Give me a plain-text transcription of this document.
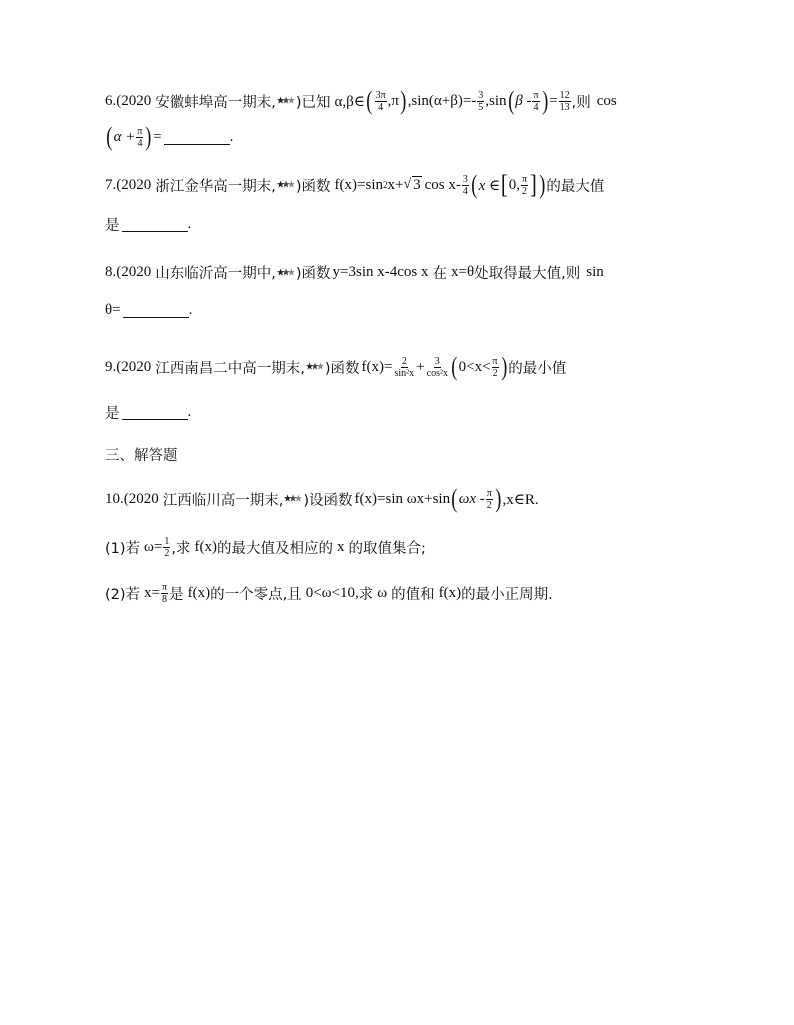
6.(2020 安徽蚌埠高一期末, )已知 α,β∈ ( $\frac{3\pi}{4} ,\pi$ ) $,\sin(\alpha+\beta)=- \frac{3}{5} ,\sin$ ( β - $\frac{\pi}{4}$ ) = $\frac{12}{13}$ ,则 cos
( $\alpha + \frac{\pi}{4}$ ) =	.
7.(2020 浙江金华高一期末, )函数 f(x)=sin 2 x+ √ 3 $\cos x- \frac{3}{4}$ ( x ∈ [ 0, $\frac{\pi}{2}$ ] ) 的最大值
是	.
8.(2020 山东临沂高一期中, )函数 y=3sin x-4cos x 在 x=θ 处取得最大值,则 sin
θ=	.
9.(2020 江西南昌二中高一期末, )函数 $f(x)= \frac{2}{\text{sin²x}} + \frac{3}{\text{cos²x}}$ ( $0<x< \frac{\pi}{2}$ ) 的最小值
是	.
三、解答题
10.(2020 江西临川高一期末, )设函数 f(x)=sin ωx+sin ( ωx - $\frac{\pi}{2}$ ) ,x∈R.
(1)若 $\omega= \frac{1}{2}$ ,求 f(x) 的最大值及相应的 x 的取值集合;
(2)若 $x= \frac{\pi}{8}$ 是 f(x) 的一个零点,且 0<ω<10, 求 ω 的值和 f(x) 的最小正周期.
